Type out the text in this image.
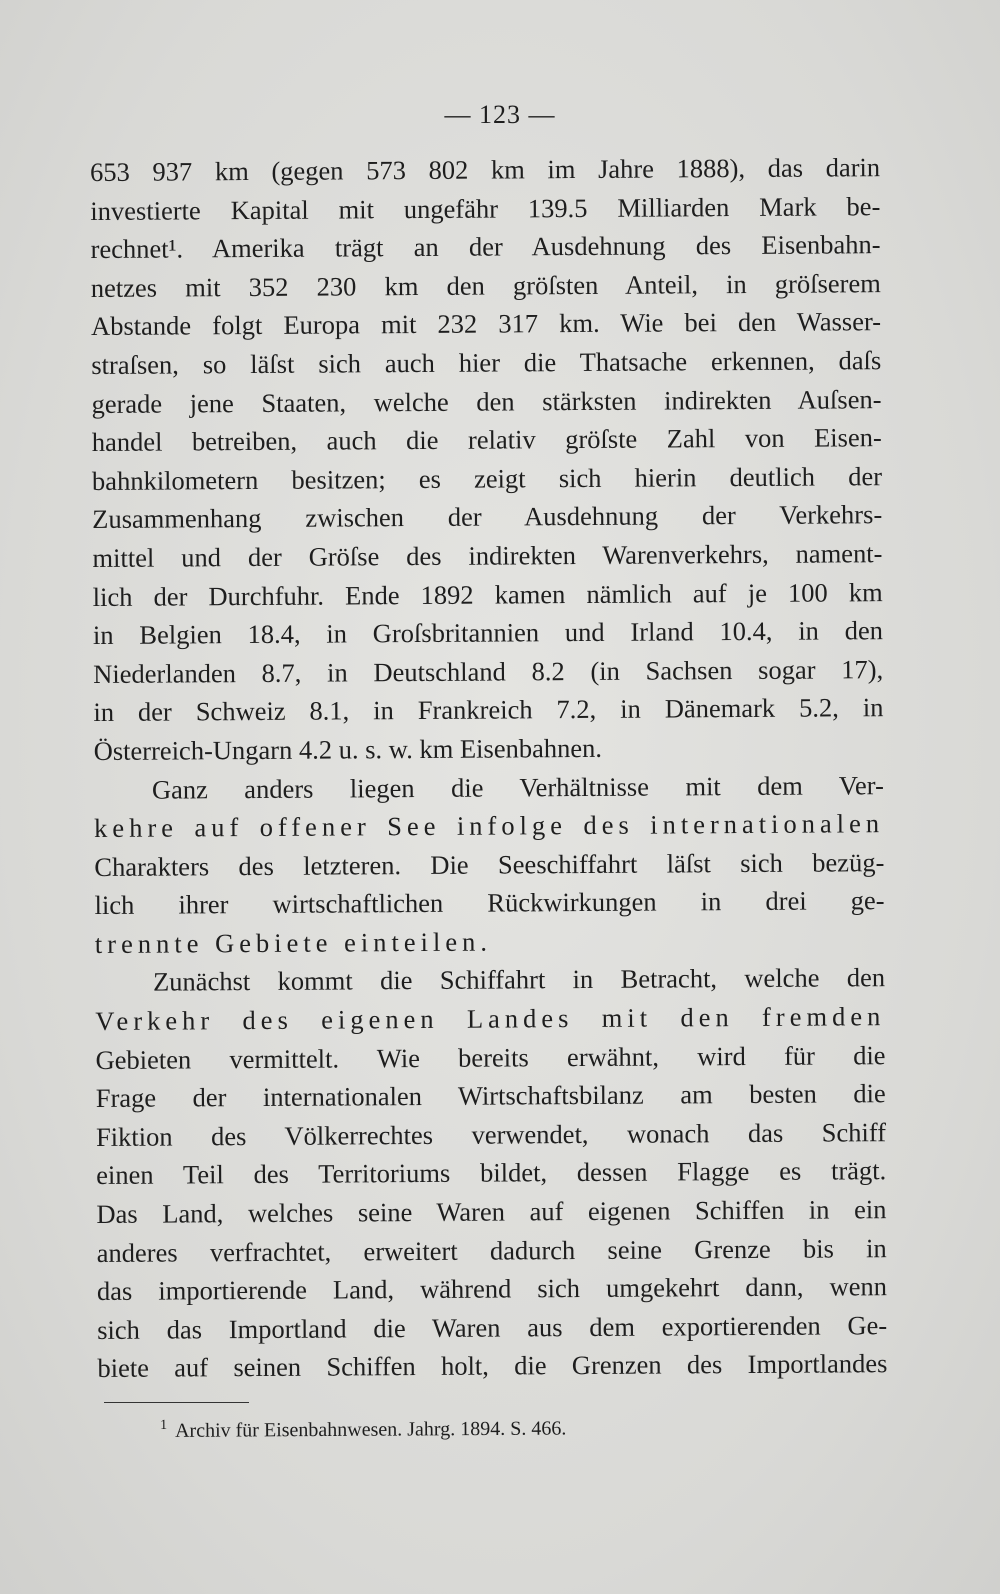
— 123 —
653 937 km (gegen 573 802 km im Jahre 1888), das darin
investierte Kapital mit ungefähr 139.5 Milliarden Mark be-
rechnet¹. Amerika trägt an der Ausdehnung des Eisenbahn-
netzes mit 352 230 km den gröſsten Anteil, in gröſserem
Abstande folgt Europa mit 232 317 km. Wie bei den Wasser-
straſsen, so läſst sich auch hier die Thatsache erkennen, daſs
gerade jene Staaten, welche den stärksten indirekten Auſsen-
handel betreiben, auch die relativ gröſste Zahl von Eisen-
bahnkilometern besitzen; es zeigt sich hierin deutlich der
Zusammenhang zwischen der Ausdehnung der Verkehrs-
mittel und der Gröſse des indirekten Warenverkehrs, nament-
lich der Durchfuhr. Ende 1892 kamen nämlich auf je 100 km
in Belgien 18.4, in Groſsbritannien und Irland 10.4, in den
Niederlanden 8.7, in Deutschland 8.2 (in Sachsen sogar 17),
in der Schweiz 8.1, in Frankreich 7.2, in Dänemark 5.2, in
Österreich-Ungarn 4.2 u. s. w. km Eisenbahnen.
Ganz anders liegen die Verhältnisse mit dem Ver-
kehre auf offener See infolge des internationalen
Charakters des letzteren. Die Seeschiffahrt läſst sich bezüg-
lich ihrer wirtschaftlichen Rückwirkungen in drei ge-
trennte Gebiete einteilen.
Zunächst kommt die Schiffahrt in Betracht, welche den
Verkehr des eigenen Landes mit den fremden
Gebieten vermittelt. Wie bereits erwähnt, wird für die
Frage der internationalen Wirtschaftsbilanz am besten die
Fiktion des Völkerrechtes verwendet, wonach das Schiff
einen Teil des Territoriums bildet, dessen Flagge es trägt.
Das Land, welches seine Waren auf eigenen Schiffen in ein
anderes verfrachtet, erweitert dadurch seine Grenze bis in
das importierende Land, während sich umgekehrt dann, wenn
sich das Importland die Waren aus dem exportierenden Ge-
biete auf seinen Schiffen holt, die Grenzen des Importlandes
$^1$ Archiv für Eisenbahnwesen. Jahrg. 1894. S. 466.
